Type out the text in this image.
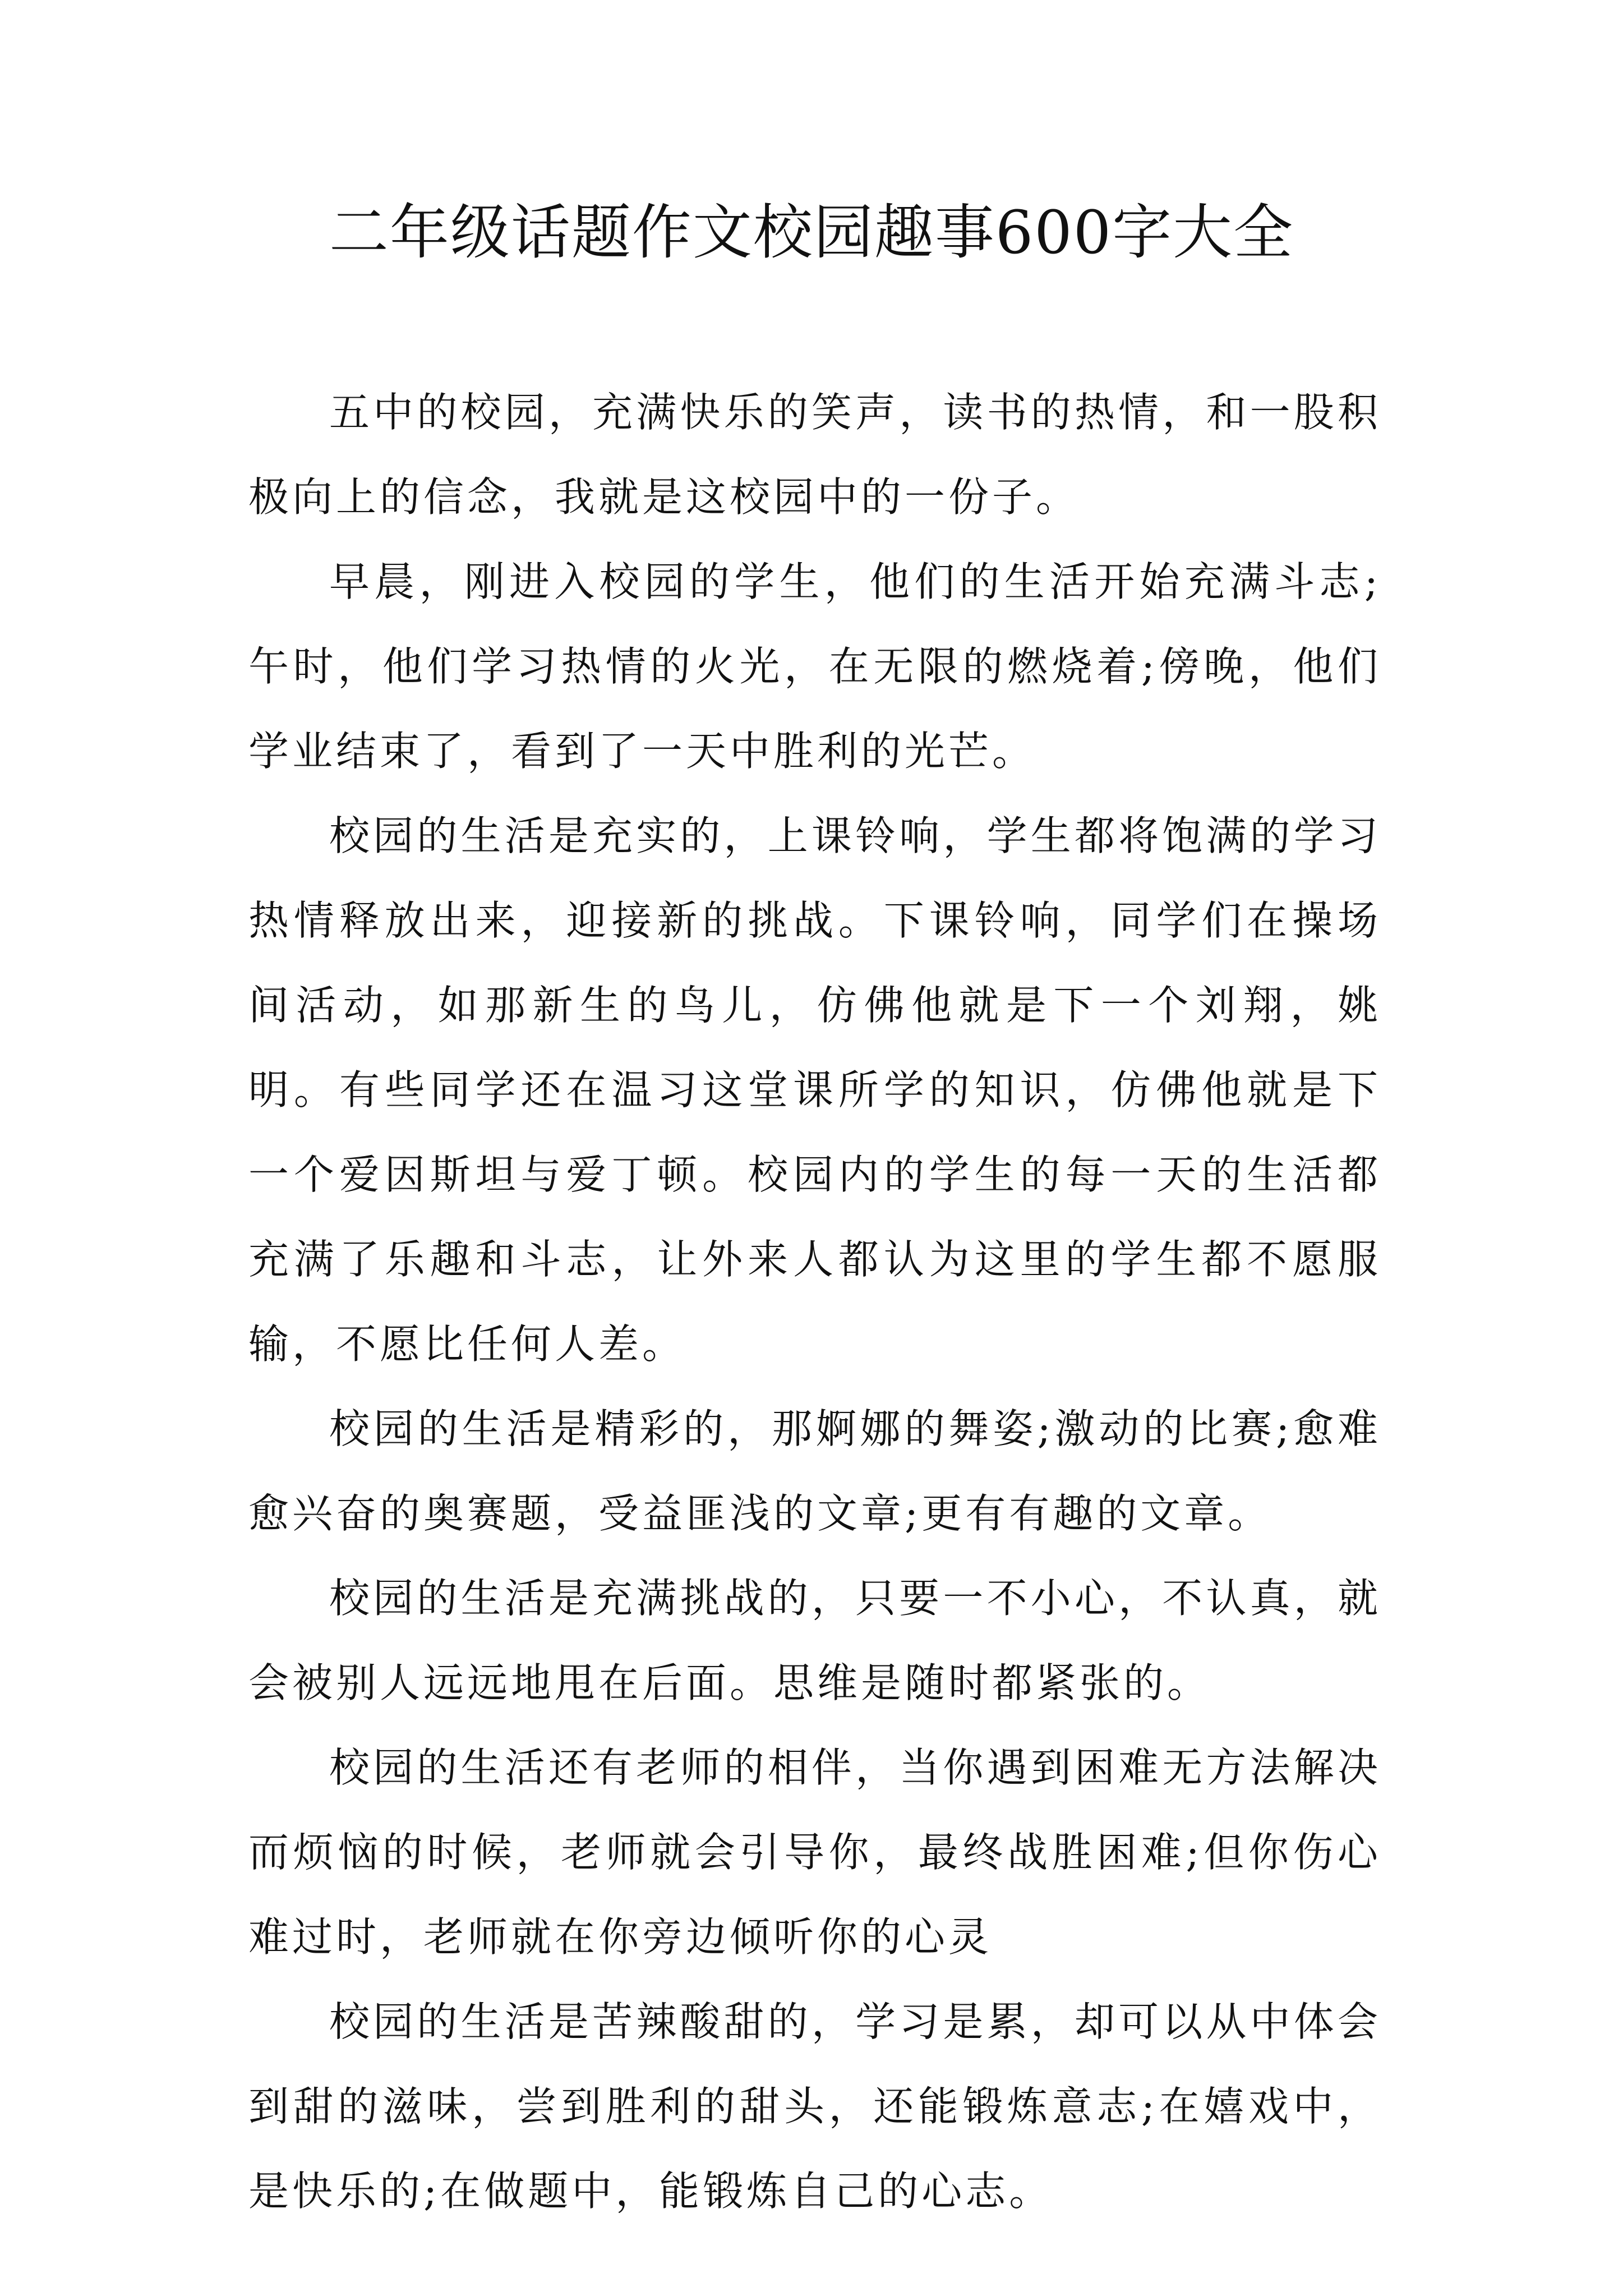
二年级话题作文校园趣事600字大全

五中的校园，充满快乐的笑声，读书的热情，和一股积极向上的信念，我就是这校园中的一份子。

早晨，刚进入校园的学生，他们的生活开始充满斗志;午时，他们学习热情的火光，在无限的燃烧着;傍晚，他们学业结束了，看到了一天中胜利的光芒。

校园的生活是充实的，上课铃响，学生都将饱满的学习热情释放出来，迎接新的挑战。下课铃响，同学们在操场间活动，如那新生的鸟儿，仿佛他就是下一个刘翔，姚明。有些同学还在温习这堂课所学的知识，仿佛他就是下一个爱因斯坦与爱丁顿。校园内的学生的每一天的生活都充满了乐趣和斗志，让外来人都认为这里的学生都不愿服输，不愿比任何人差。

校园的生活是精彩的，那婀娜的舞姿;激动的比赛;愈难愈兴奋的奥赛题，受益匪浅的文章;更有有趣的文章。

校园的生活是充满挑战的，只要一不小心，不认真，就会被别人远远地甩在后面。思维是随时都紧张的。

校园的生活还有老师的相伴，当你遇到困难无方法解决而烦恼的时候，老师就会引导你，最终战胜困难;但你伤心难过时，老师就在你旁边倾听你的心灵

校园的生活是苦辣酸甜的，学习是累，却可以从中体会到甜的滋味，尝到胜利的甜头，还能锻炼意志;在嬉戏中，是快乐的;在做题中，能锻炼自己的心志。
